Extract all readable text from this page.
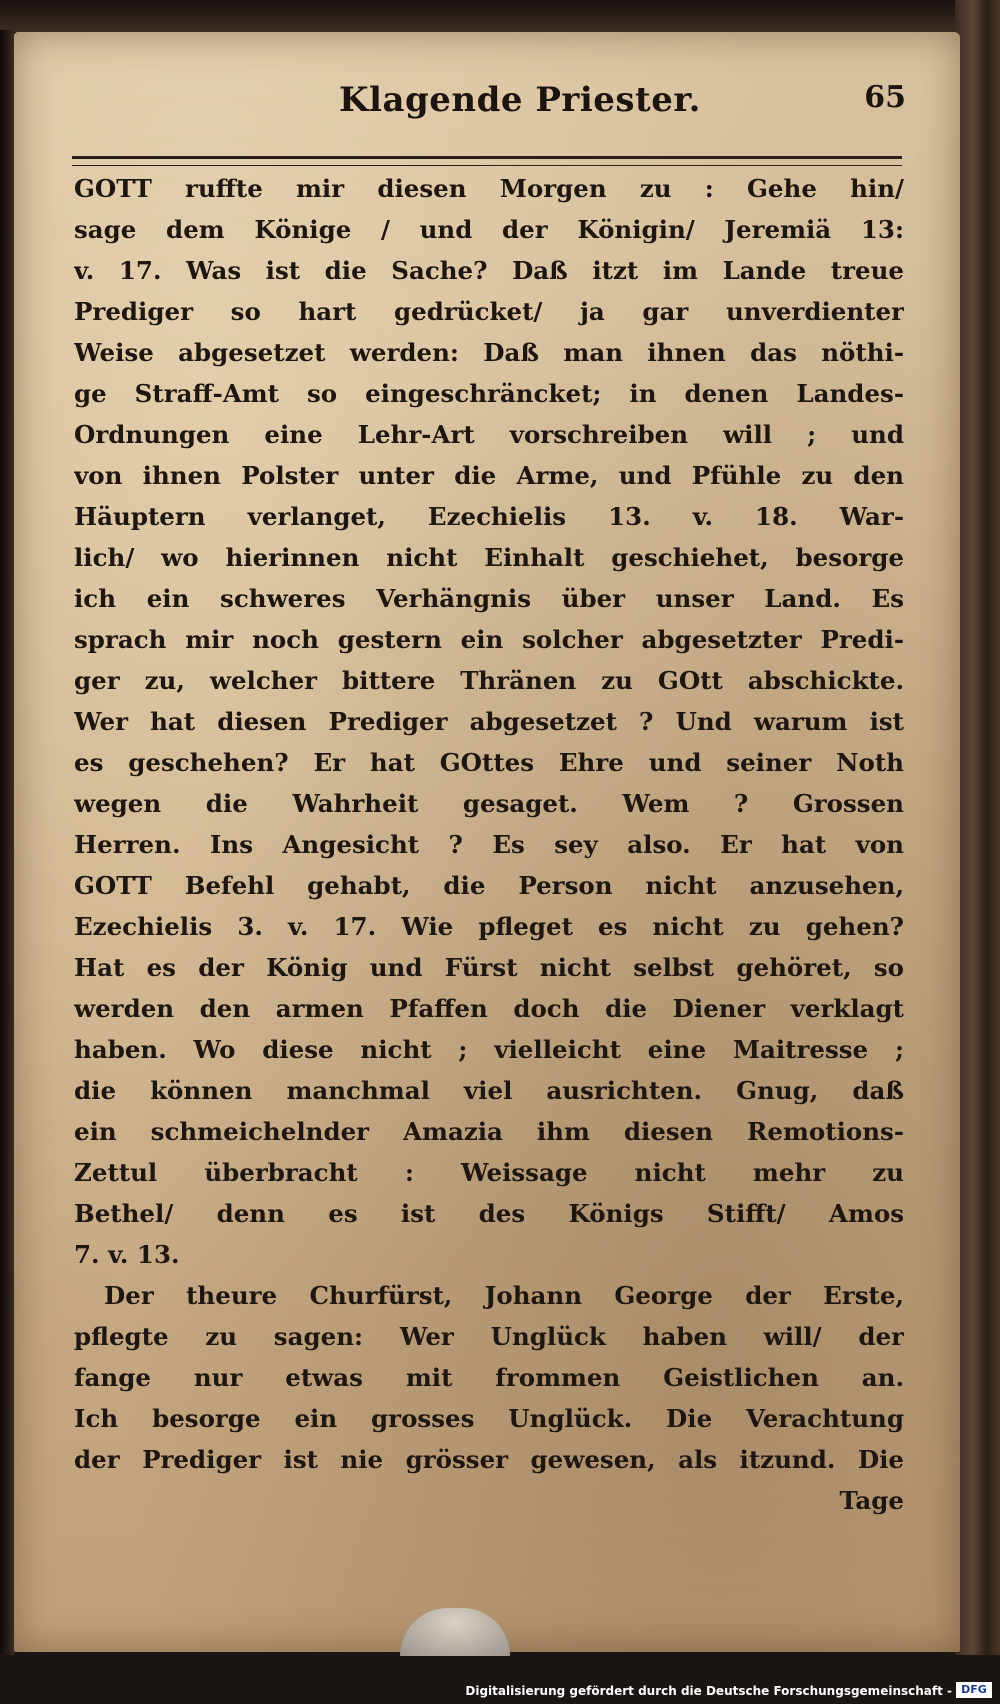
Klagende Priester.	65
GOTT ruffte mir diesen Morgen zu : Gehe hin/
sage dem Könige / und der Königin/ Jeremiä 13:
v. 17. Was ist die Sache? Daß itzt im Lande treue
Prediger so hart gedrücket/ ja gar unverdienter
Weise abgesetzet werden: Daß man ihnen das nöthi-
ge Straff-Amt so eingeschräncket; in denen Landes-
Ordnungen eine Lehr-Art vorschreiben will ; und
von ihnen Polster unter die Arme, und Pfühle zu den
Häuptern verlanget, Ezechielis 13. v. 18. War-
lich/ wo hierinnen nicht Einhalt geschiehet, besorge
ich ein schweres Verhängnis über unser Land. Es
sprach mir noch gestern ein solcher abgesetzter Predi-
ger zu, welcher bittere Thränen zu GOtt abschickte.
Wer hat diesen Prediger abgesetzet ? Und warum ist
es geschehen? Er hat GOttes Ehre und seiner Noth
wegen die Wahrheit gesaget. Wem ? Grossen
Herren. Ins Angesicht ? Es sey also. Er hat von
GOTT Befehl gehabt, die Person nicht anzusehen,
Ezechielis 3. v. 17. Wie pfleget es nicht zu gehen?
Hat es der König und Fürst nicht selbst gehöret, so
werden den armen Pfaffen doch die Diener verklagt
haben. Wo diese nicht ; vielleicht eine Maitresse ;
die können manchmal viel ausrichten. Gnug, daß
ein schmeichelnder Amazia ihm diesen Remotions-
Zettul überbracht : Weissage nicht mehr zu
Bethel/ denn es ist des Königs Stifft/ Amos
7. v. 13.
Der theure Churfürst, Johann George der Erste,
pflegte zu sagen: Wer Unglück haben will/ der
fange nur etwas mit frommen Geistlichen an.
Ich besorge ein grosses Unglück. Die Verachtung
der Prediger ist nie grösser gewesen, als itzund. Die
Tage
Digitalisierung gefördert durch die Deutsche Forschungsgemeinschaft - DFG
